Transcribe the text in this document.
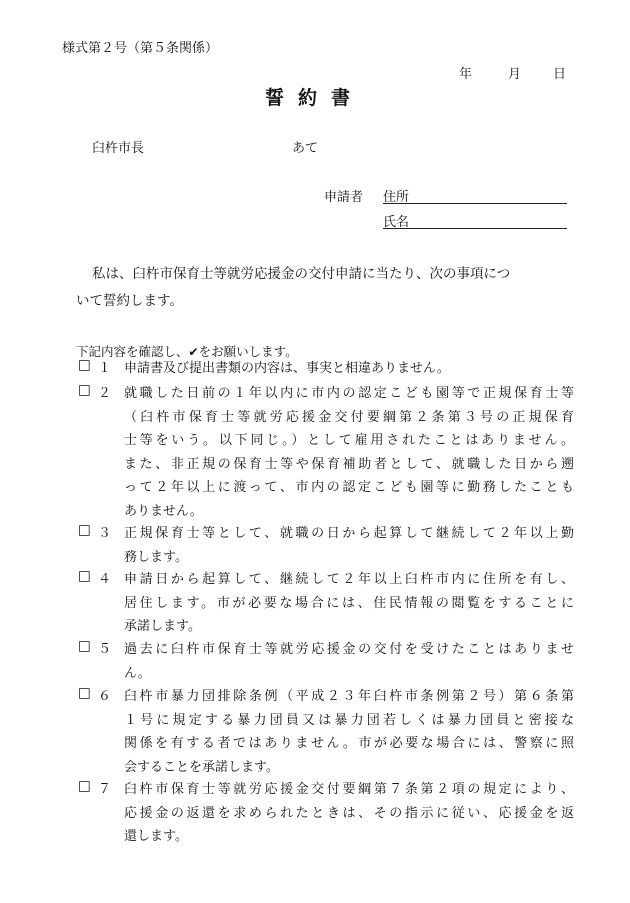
様式第２号（第５条関係）
年	月 日
誓約書
臼杵市長	あて
申請者 住所
氏名
私は、臼杵市保育士等就労応援金の交付申請に当たり、次の事項につ
いて誓約します。
下記内容を確認し、✔をお願いします。
□ １ 申請書及び提出書類の内容は、事実と相違ありません。
□ ２ 就職した日前の１年以内に市内の認定こども園等で正規保育士等
（臼杵市保育士等就労応援金交付要綱第２条第３号の正規保育
士等をいう。以下同じ。）として雇用されたことはありません。
また、非正規の保育士等や保育補助者として、就職した日から遡
って２年以上に渡って、市内の認定こども園等に勤務したことも
ありません。
□ ３ 正規保育士等として、就職の日から起算して継続して２年以上勤
務します。
□ ４ 申請日から起算して、継続して２年以上臼杵市内に住所を有し、
居住します。市が必要な場合には、住民情報の閲覧をすることに
承諾します。
□ ５ 過去に臼杵市保育士等就労応援金の交付を受けたことはありませ
ん。
□ ６ 臼杵市暴力団排除条例（平成２３年臼杵市条例第２号）第６条第
１号に規定する暴力団員又は暴力団若しくは暴力団員と密接な
関係を有する者ではありません。市が必要な場合には、警察に照
会することを承諾します。
□ ７ 臼杵市保育士等就労応援金交付要綱第７条第２項の規定により、
応援金の返還を求められたときは、その指示に従い、応援金を返
還します。
